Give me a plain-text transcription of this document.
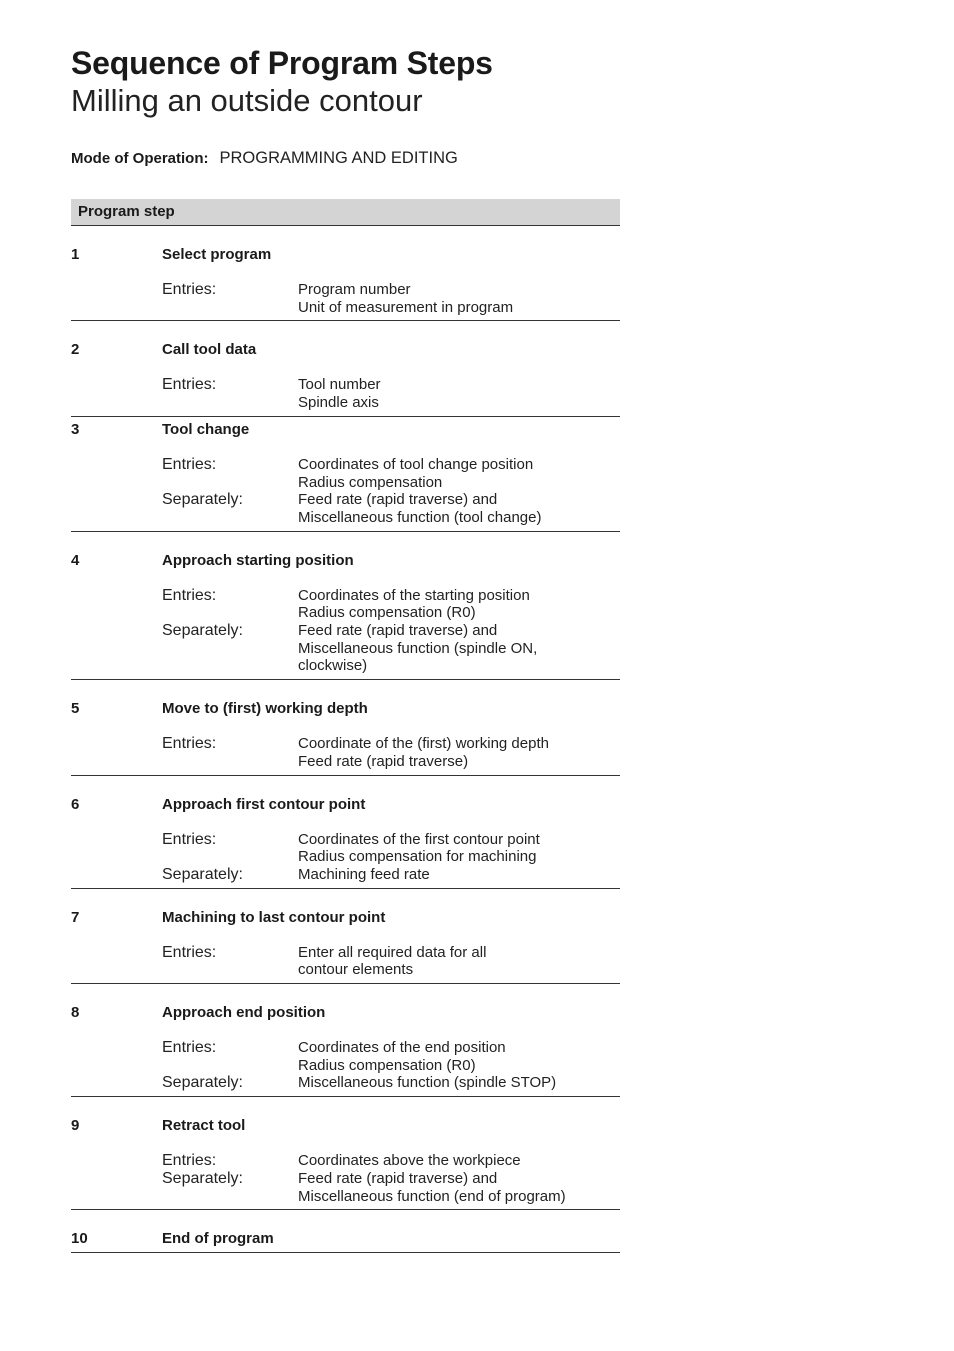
Sequence of Program Steps
Milling an outside contour
Mode of Operation: PROGRAMMING AND EDITING
Program step
1	Select program
Entries:	Program number
Unit of measurement in program
2	Call tool data
Entries:	Tool number
Spindle axis
3	Tool change
Entries:	Coordinates of tool change position
Radius compensation
Separately:	Feed rate (rapid traverse) and
Miscellaneous function (tool change)
4	Approach starting position
Entries:	Coordinates of the starting position
Radius compensation (R0)
Separately:	Feed rate (rapid traverse) and
Miscellaneous function (spindle ON,
clockwise)
5	Move to (first) working depth
Entries:	Coordinate of the (first) working depth
Feed rate (rapid traverse)
6	Approach first contour point
Entries:	Coordinates of the first contour point
Radius compensation for machining
Separately:	Machining feed rate
7	Machining to last contour point
Entries:	Enter all required data for all
contour elements
8	Approach end position
Entries:	Coordinates of the end position
Radius compensation (R0)
Separately:	Miscellaneous function (spindle STOP)
9	Retract tool
Entries:	Coordinates above the workpiece
Separately:	Feed rate (rapid traverse) and
Miscellaneous function (end of program)
10	End of program
